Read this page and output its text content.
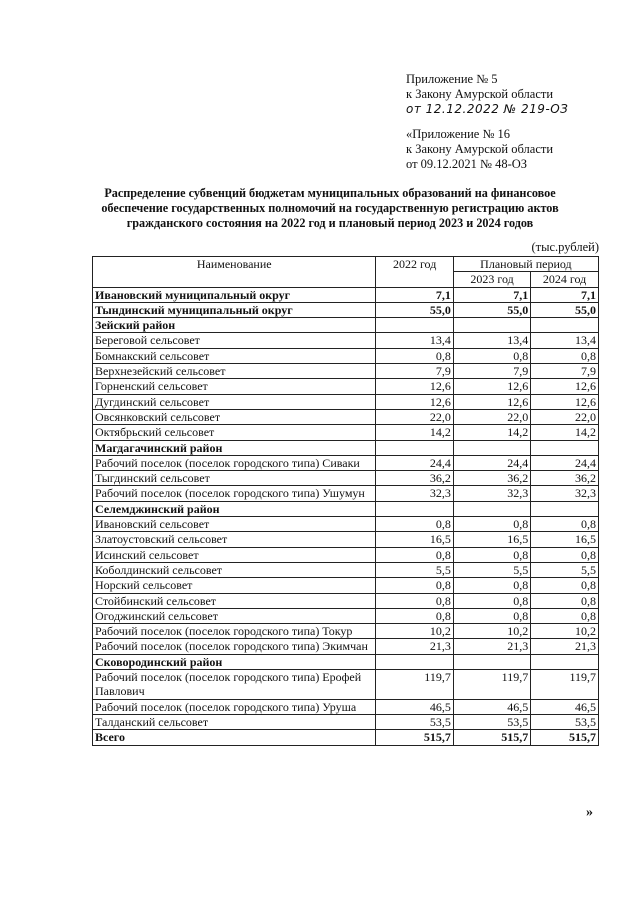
Приложение № 5
к Закону Амурской области
от 12.12.2022 № 219-ОЗ
«Приложение № 16
к Закону Амурской области
от 09.12.2021 № 48-ОЗ
Распределение субвенций бюджетам муниципальных образований на финансовое
обеспечение государственных полномочий на государственную регистрацию актов
гражданского состояния на 2022 год и плановый период 2023 и 2024 годов
(тыс.рублей)
Наименование	2022 год	Плановый период	
		2023 год	2024 год
Ивановский муниципальный округ	7,1	7,1	7,1
Тындинский муниципальный округ	55,0	55,0	55,0
Зейский район			
Береговой сельсовет	13,4	13,4	13,4
Бомнакский сельсовет	0,8	0,8	0,8
Верхнезейский сельсовет	7,9	7,9	7,9
Горненский сельсовет	12,6	12,6	12,6
Дугдинский сельсовет	12,6	12,6	12,6
Овсянковский сельсовет	22,0	22,0	22,0
Октябрьский сельсовет	14,2	14,2	14,2
Магдагачинский район			
Рабочий поселок (поселок городского типа) Сиваки	24,4	24,4	24,4
Тыгдинский сельсовет	36,2	36,2	36,2
Рабочий поселок (поселок городского типа) Ушумун	32,3	32,3	32,3
Селемджинский район			
Ивановский сельсовет	0,8	0,8	0,8
Златоустовский сельсовет	16,5	16,5	16,5
Исинский сельсовет	0,8	0,8	0,8
Коболдинский сельсовет	5,5	5,5	5,5
Норский сельсовет	0,8	0,8	0,8
Стойбинский сельсовет	0,8	0,8	0,8
Огоджинский сельсовет	0,8	0,8	0,8
Рабочий поселок (поселок городского типа) Токур	10,2	10,2	10,2
Рабочий поселок (поселок городского типа) Экимчан	21,3	21,3	21,3
Сковородинский район			
Рабочий поселок (поселок городского типа) Ерофей Павлович	119,7	119,7	119,7
Рабочий поселок (поселок городского типа) Уруша	46,5	46,5	46,5
Талданский сельсовет	53,5	53,5	53,5
Всего	515,7	515,7	515,7
»
